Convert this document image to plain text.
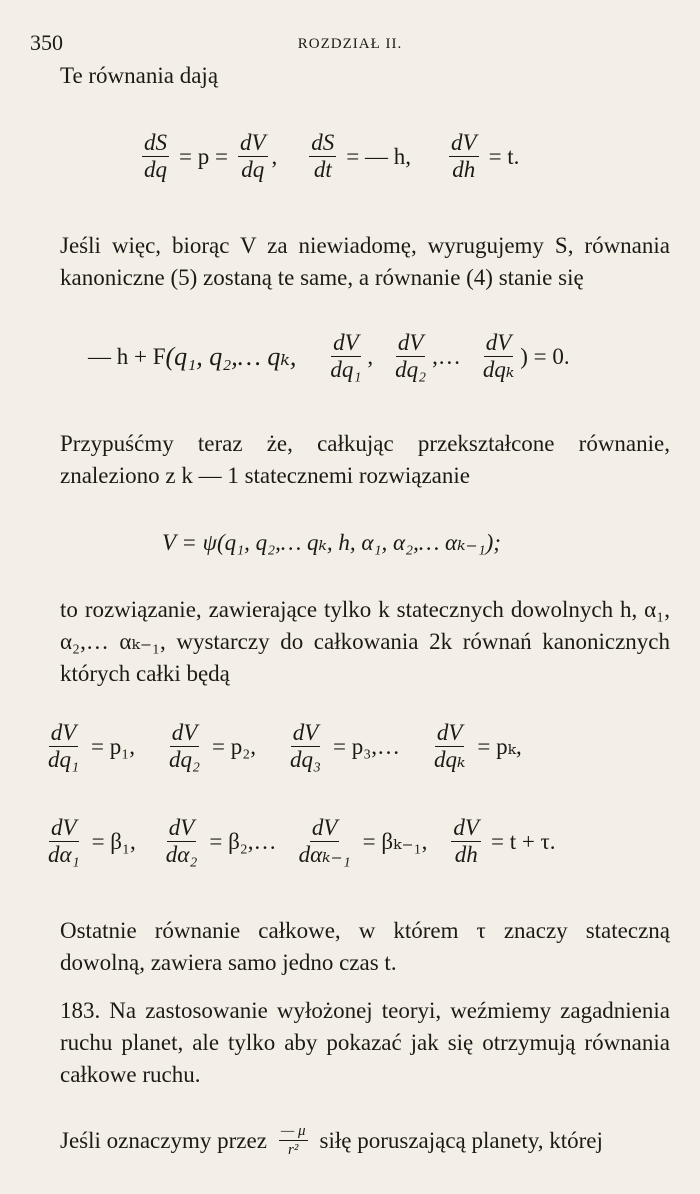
350	ROZDZIAŁ II.
Te równania dają
$\frac{dS}{dq} = p = \frac{dV}{dq}$ , $\frac{dS}{dt}$ = — h, $\frac{dV}{dh} = t$.
Jeśli więc, biorąc V za niewiadomę, wyrugujemy S, równania kanoniczne (5) zostaną te same, a równanie (4) stanie się
— h + F (q₁, q₂,… qₖ, $\frac{dV}{\text{dq₁}}$ , $\frac{dV}{\text{dq₂}}$ ,… $\frac{dV}{\text{dqₖ}}$ ) = 0.
Przypuśćmy teraz że, całkując przekształcone równanie, znaleziono z k — 1 statecznemi rozwiązanie
V = ψ(q₁, q₂,… qₖ, h, α₁, α₂,… αₖ₋₁);
to rozwiązanie, zawierające tylko k statecznych dowolnych h, α₁, α₂,… αₖ₋₁, wystarczy do całkowania 2k równań kanonicznych których całki będą
$\frac{dV}{\text{dq₁}} = p_1$, $\frac{dV}{\text{dq₂}} = p_2$, $\frac{dV}{\text{dq₃}}$ = p₃,… $\frac{dV}{\text{dqₖ}} = p_k$,
$\frac{dV}{\text{dα₁}} = \beta_1$, $\frac{dV}{\text{dα₂}}$ = β₂,… $\frac{dV}{\text{dαₖ₋₁}} = \beta_{k-1}$, $\frac{dV}{dh} = t + \tau$.
Ostatnie równanie całkowe, w którem τ znaczy stateczną dowolną, zawiera samo jedno czas t.
183. Na zastosowanie wyłożonej teoryi, weźmiemy zagadnienia ruchu planet, ale tylko aby pokazać jak się otrzymują równania całkowe ruchu.
Jeśli oznaczymy przez $\frac{— \mu}{\text{r²}}$ siłę poruszającą planety, której
